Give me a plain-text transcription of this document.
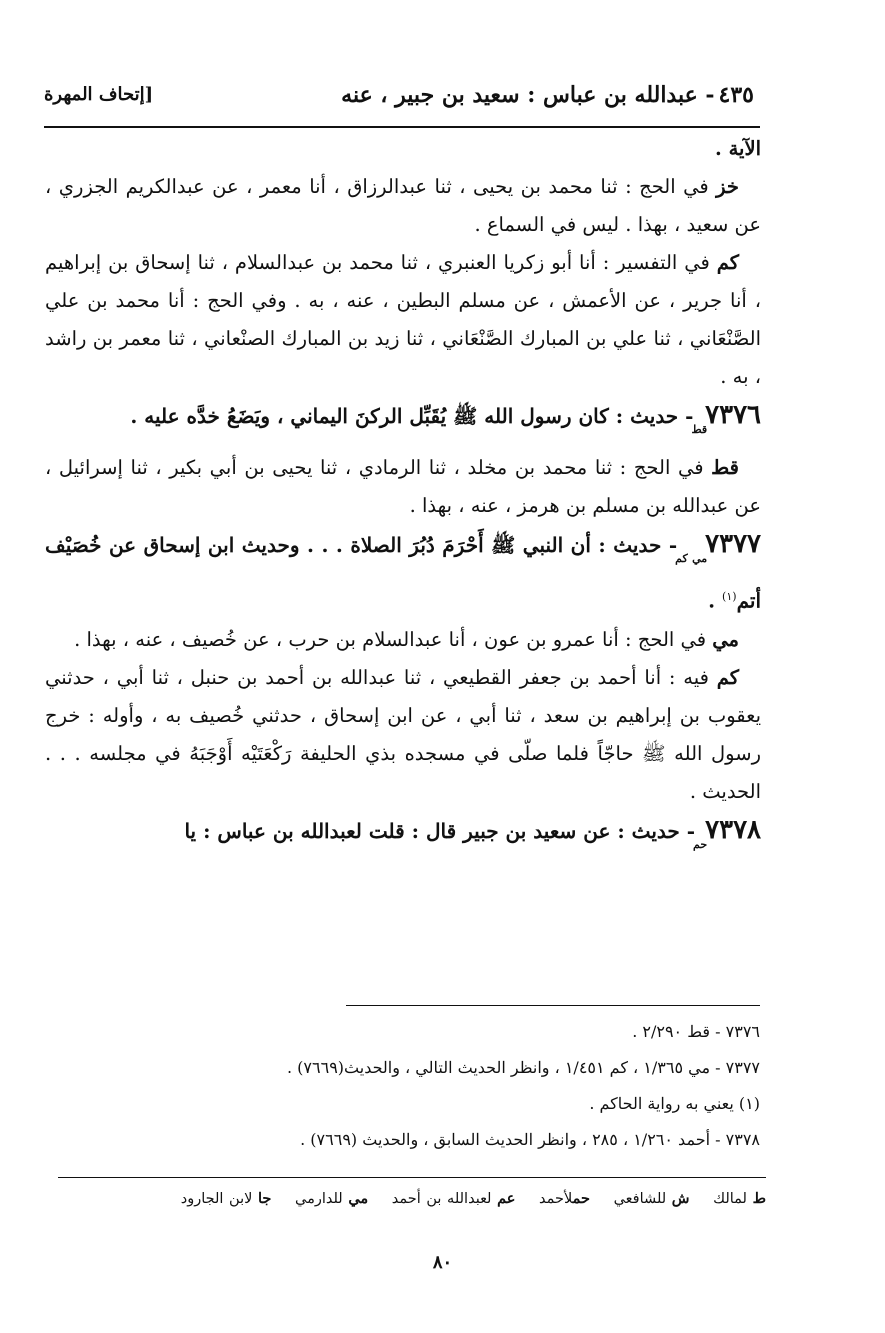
٤٣٥- عبدالله بن عباس : سعيد بن جبير ، عنه
[إتحاف المهرة

الآية .

خز في الحج : ثنا محمد بن يحيى ، ثنا عبدالرزاق ، أنا معمر ، عن عبدالكريم الجزري ، عن سعيد ، بهذا . ليس في السماع .

كم في التفسير : أنا أبو زكريا العنبري ، ثنا محمد بن عبدالسلام ، ثنا إسحاق بن إبراهيم ، أنا جرير ، عن الأعمش ، عن مسلم البطين ، عنه ، به . وفي الحج : أنا محمد بن علي الصَّنْعَاني ، ثنا علي بن المبارك الصَّنْعَاني ، ثنا زيد بن المبارك الصنْعاني ، ثنا معمر بن راشد ، به .

$٧٣٧٦_{قط}-$ حديث : كان رسول الله ﷺ يُقَبِّل الركنَ اليماني ، ويَضَعُ خدَّه عليه .

قط في الحج : ثنا محمد بن مخلد ، ثنا الرمادي ، ثنا يحيى بن أبي بكير ، ثنا إسرائيل ، عن عبدالله بن مسلم بن هرمز ، عنه ، بهذا .

$٧٣٧٧_{مي كم}-$ حديث : أن النبي ﷺ أَحْرَمَ دُبُرَ الصلاة . . . وحديث ابن إسحاق عن خُصَيْف أتم$^{(١)}$ .

مي في الحج : أنا عمرو بن عون ، أنا عبدالسلام بن حرب ، عن خُصيف ، عنه ، بهذا .

كم فيه : أنا أحمد بن جعفر القطيعي ، ثنا عبدالله بن أحمد بن حنبل ، ثنا أبي ، حدثني يعقوب بن إبراهيم بن سعد ، ثنا أبي ، عن ابن إسحاق ، حدثني خُصيف به ، وأوله : خرج رسول الله ﷺ حاجّاً فلما صلّى في مسجده بذي الحليفة رَكْعَتَيْه أَوْجَبَهُ في مجلسه . . . الحديث .

$٧٣٧٨_{حم}-$ حديث : عن سعيد بن جبير قال : قلت لعبدالله بن عباس : يا

٧٣٧٦ - قط ٢/٢٩٠ .

٧٣٧٧ - مي ١/٣٦٥ ، كم ١/٤٥١ ، وانظر الحديث التالي ، والحديث(٧٦٦٩) .

(١) يعني به رواية الحاكم .

٧٣٧٨ - أحمد ١/٢٦٠ ، ٢٨٥ ، وانظر الحديث السابق ، والحديث (٧٦٦٩) .

ط لمالك ش للشافعي حملأحمد عم لعبدالله بن أحمد مي للدارمي جا لابن الجارود
٨٠
